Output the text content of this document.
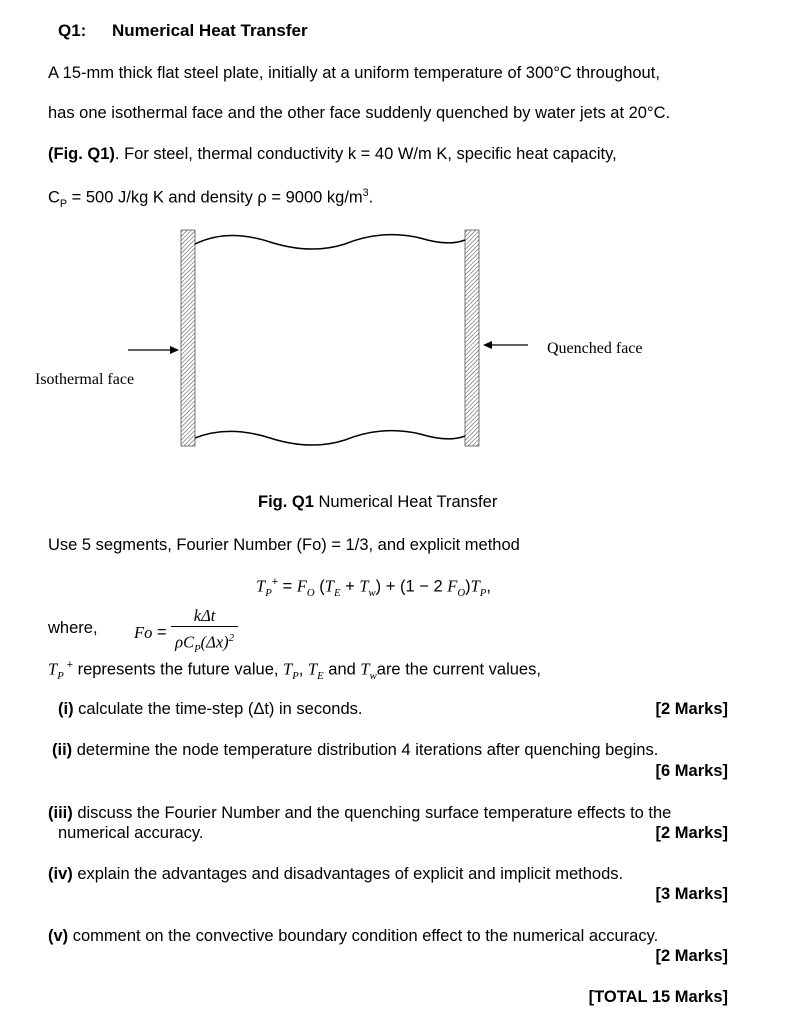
Q1: Numerical Heat Transfer
A 15-mm thick flat steel plate, initially at a uniform temperature of 300°C throughout,
has one isothermal face and the other face suddenly quenched by water jets at 20°C.
(Fig. Q1). For steel, thermal conductivity k = 40 W/m K, specific heat capacity,
$C_P = 500$ J/kg K and density ρ = 9000 $kg/m^3$.
Isothermal face
Quenched face
Fig. Q1 Numerical Heat Transfer
Use 5 segments, Fourier Number (Fo) = 1/3, and explicit method
$T_P^+ = F_O$ $(T_E + T_w) + (1 - 2$ $F_O)T_P$,
where, $Fo = \frac{\text{kΔt}}{\rho C_P(\Delta x)^2}$
$T_P$ + represents the future value, $T_P$, $T_E$ and $T_ware$ the current values,
(i) calculate the time-step (Δt) in seconds.	[2 Marks]
(ii) determine the node temperature distribution 4 iterations after quenching begins.
[6 Marks]
(iii) discuss the Fourier Number and the quenching surface temperature effects to the
numerical accuracy.	[2 Marks]
(iv) explain the advantages and disadvantages of explicit and implicit methods.
[3 Marks]
(v) comment on the convective boundary condition effect to the numerical accuracy.
[2 Marks]
[TOTAL 15 Marks]
